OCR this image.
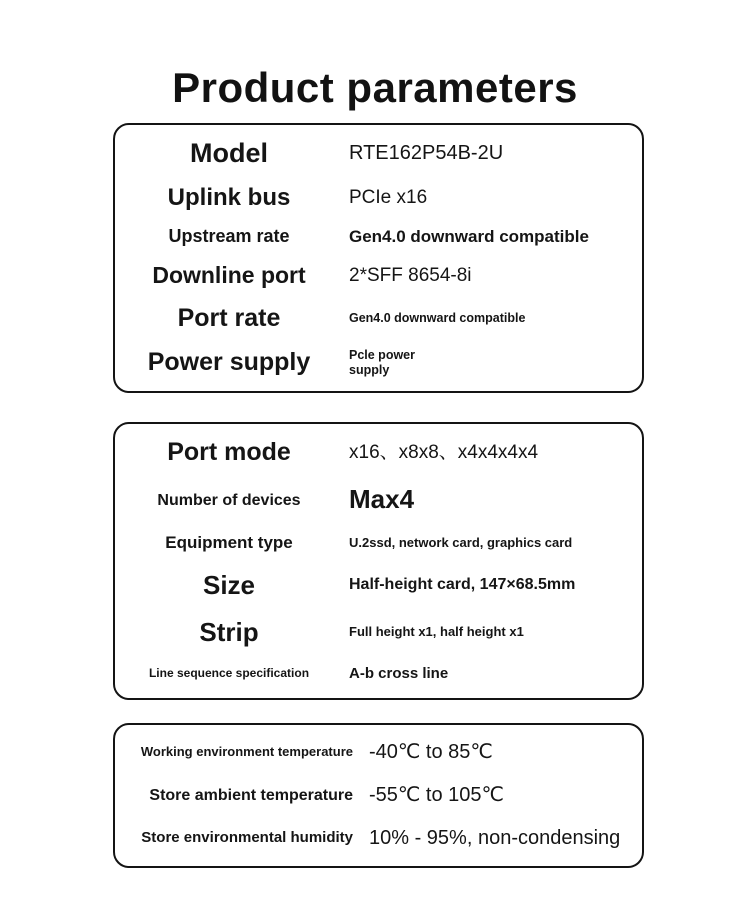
Product parameters
Model	RTE162P54B-2U
Uplink bus	PCIe x16
Upstream rate	Gen4.0 downward compatible
Downline port	2*SFF 8654-8i
Port rate	Gen4.0 downward compatible
Power supply	Pcle power supply
Port mode	x16、x8x8、x4x4x4x4
Number of devices	Max4
Equipment type	U.2ssd, network card, graphics card
Size	Half-height card, 147×68.5mm
Strip	Full height x1, half height x1
Line sequence specification	A-b cross line
Working environment temperature -40℃ to 85℃
Store ambient temperature -55℃ to 105℃
Store environmental humidity 10% - 95%, non-condensing
